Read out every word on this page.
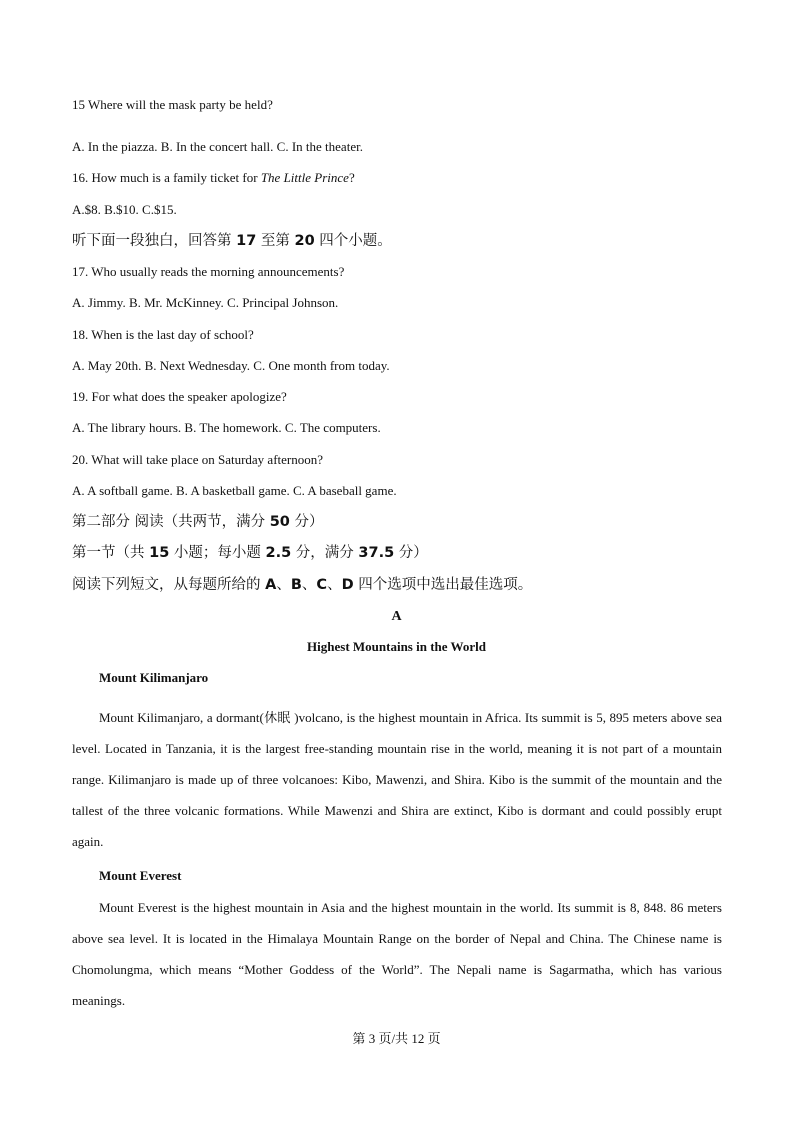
15 Where will the mask party be held?
A. In the piazza. B. In the concert hall. C. In the theater.
16. How much is a family ticket for The Little Prince?
A.$8. B.$10. C.$15.
听下面一段独白，回答第 17 至第 20 四个小题。
17. Who usually reads the morning announcements?
A. Jimmy. B. Mr. McKinney. C. Principal Johnson.
18. When is the last day of school?
A. May 20th. B. Next Wednesday. C. One month from today.
19. For what does the speaker apologize?
A. The library hours. B. The homework. C. The computers.
20. What will take place on Saturday afternoon?
A. A softball game. B. A basketball game. C. A baseball game.
第二部分 阅读（共两节，满分 50 分）
第一节（共 15 小题；每小题 2.5 分，满分 37.5 分）
阅读下列短文，从每题所给的 A、B、C、D 四个选项中选出最佳选项。
A
Highest Mountains in the World
Mount Kilimanjaro
Mount Kilimanjaro, a dormant(休眠 )volcano, is the highest mountain in Africa. Its summit is 5, 895 meters above sea level. Located in Tanzania, it is the largest free-standing mountain rise in the world, meaning it is not part of a mountain range. Kilimanjaro is made up of three volcanoes: Kibo, Mawenzi, and Shira. Kibo is the summit of the mountain and the tallest of the three volcanic formations. While Mawenzi and Shira are extinct, Kibo is dormant and could possibly erupt again.
Mount Everest
Mount Everest is the highest mountain in Asia and the highest mountain in the world. Its summit is 8, 848. 86 meters above sea level. It is located in the Himalaya Mountain Range on the border of Nepal and China. The Chinese name is Chomolungma, which means “Mother Goddess of the World”. The Nepali name is Sagarmatha, which has various meanings.
第 3 页/共 12 页
